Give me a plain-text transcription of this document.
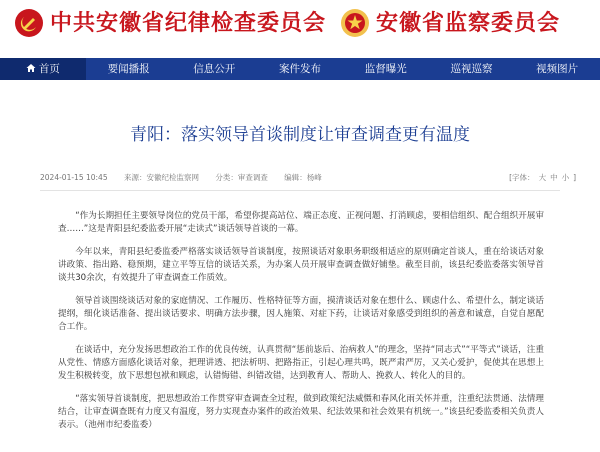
中共安徽省纪律检查委员会 安徽省监察委员会
首页	要闻播报	信息公开	案件发布	监督曝光	巡视巡察	视频图片
青阳：落实领导首谈制度让审查调查更有温度
2024-01-15 10:45 来源：安徽纪检监察网 分类：审查调查 编辑：杨峰	[字体： 大 中 小 ]

“作为长期担任主要领导岗位的党员干部，希望你提高站位、端正态度、正视问题、打消顾虑，要相信组织、配合组织开展审查……”这是青阳县纪委监委开展“走读式”谈话领导首谈的一幕。

今年以来，青阳县纪委监委严格落实谈话领导首谈制度，按照谈话对象职务职级相适应的原则确定首谈人，重在给谈话对象讲政策、指出路、稳预期，建立平等互信的谈话关系，为办案人员开展审查调查做好铺垫。截至目前，该县纪委监委落实领导首谈共30余次，有效提升了审查调查工作质效。

领导首谈围绕谈话对象的家庭情况、工作履历、性格特征等方面，摸清谈话对象在想什么、顾虑什么、希望什么，制定谈话提纲，细化谈话准备、提出谈话要求、明确方法步骤，因人施策、对症下药，让谈话对象感受到组织的善意和诚意，自觉自愿配合工作。

在谈话中，充分发扬思想政治工作的优良传统，认真贯彻“惩前毖后、治病救人”的理念，坚持“同志式”“平等式”谈话，注重从党性、情感方面感化谈话对象，把理讲透、把法析明、把路指正，引起心理共鸣，既严肃严厉，又关心爱护，促使其在思想上发生积极转变，放下思想包袱和顾虑，认错悔错、纠错改错，达到教育人、帮助人、挽救人、转化人的目的。

“落实领导首谈制度，把思想政治工作贯穿审查调查全过程，做到政策纪法威慑和春风化雨关怀并重，注重纪法贯通、法情理结合，让审查调查既有力度又有温度，努力实现查办案件的政治效果、纪法效果和社会效果有机统一。”该县纪委监委相关负责人表示。（池州市纪委监委）
